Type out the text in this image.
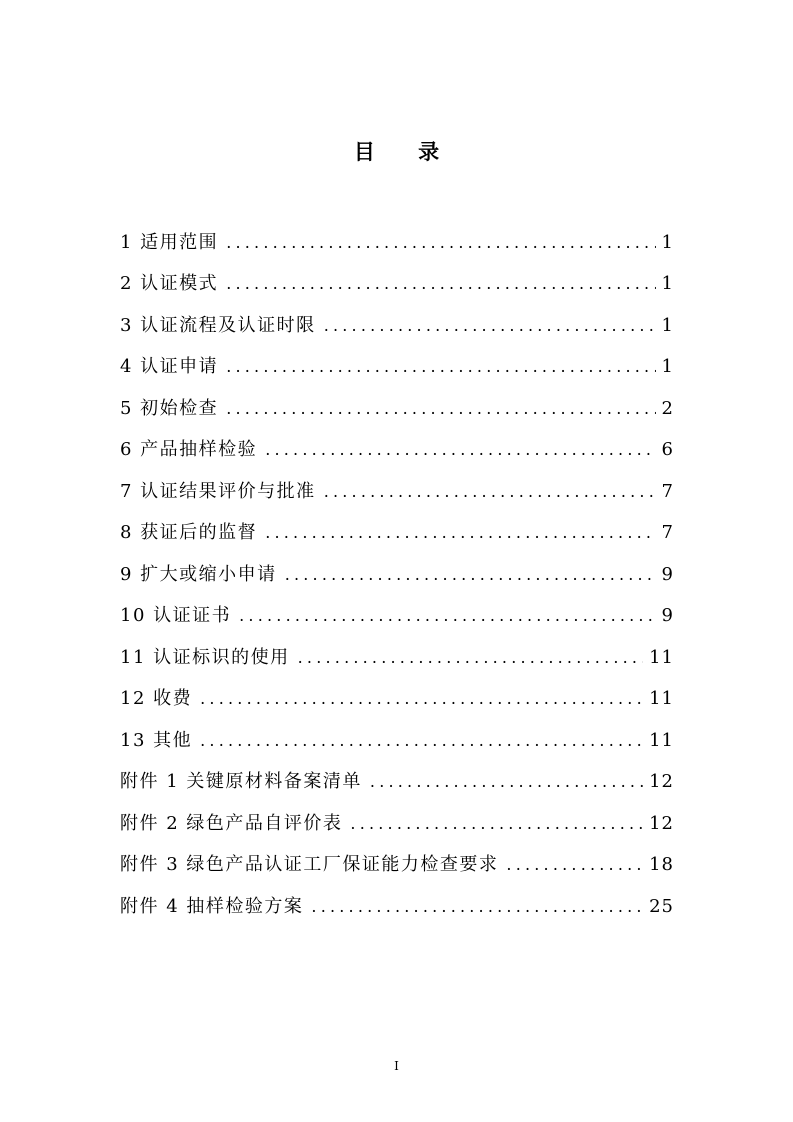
目 录
1 适用范围 .....	1
2 认证模式 .....	1
3 认证流程及认证时限 .....	1
4 认证申请 .....	1
5 初始检查 .....	2
6 产品抽样检验 .....	6
7 认证结果评价与批准 .....	7
8 获证后的监督 .....	7
9 扩大或缩小申请 .....	9
10 认证证书 .....	9
11 认证标识的使用 .....	11
12 收费 .....	11
13 其他 .....	11
附件 1 关键原材料备案清单 .....	12
附件 2 绿色产品自评价表 .....	12
附件 3 绿色产品认证工厂保证能力检查要求 .....	18
附件 4 抽样检验方案 .....	25
I
